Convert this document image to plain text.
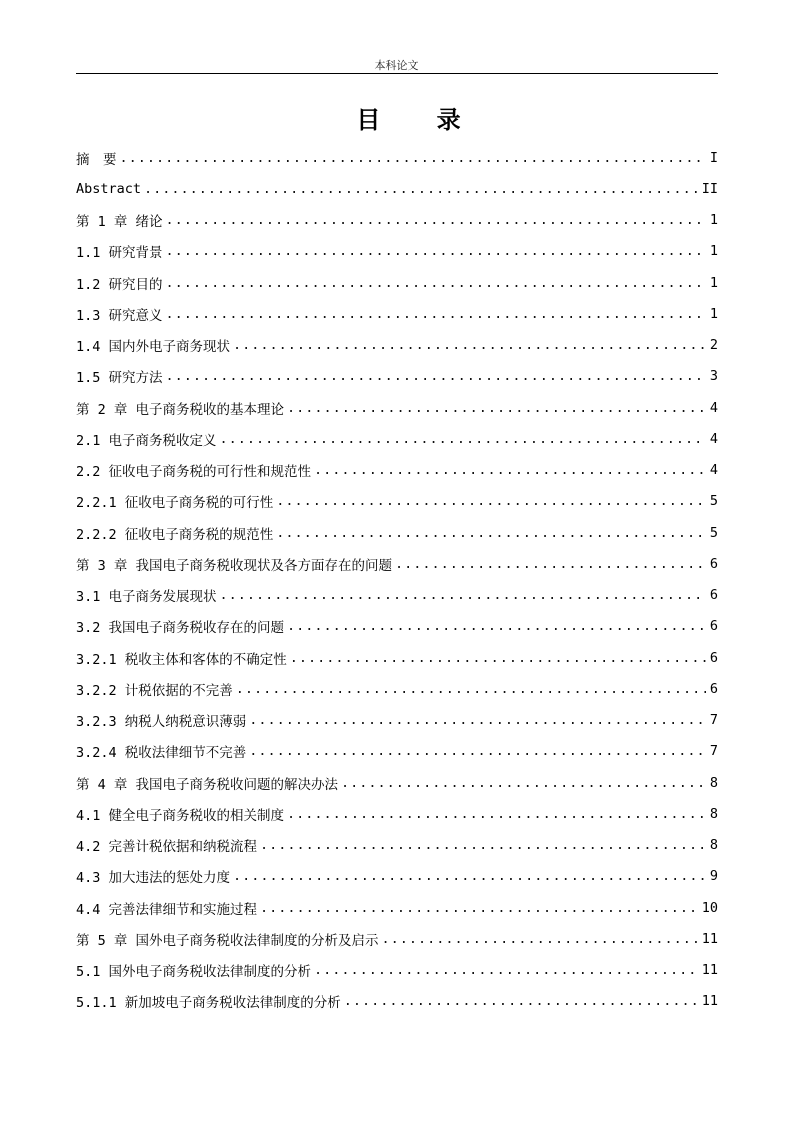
本科论文
目 录
摘　要 .....	I
Abstract .....	II
第 1 章 绪论 .....	1
1.1 研究背景 .....	1
1.2 研究目的 .....	1
1.3 研究意义 .....	1
1.4 国内外电子商务现状 .....	2
1.5 研究方法 .....	3
第 2 章 电子商务税收的基本理论 .....	4
2.1 电子商务税收定义 .....	4
2.2 征收电子商务税的可行性和规范性 .....	4
2.2.1 征收电子商务税的可行性 .....	5
2.2.2 征收电子商务税的规范性 .....	5
第 3 章 我国电子商务税收现状及各方面存在的问题 .....	6
3.1 电子商务发展现状 .....	6
3.2 我国电子商务税收存在的问题 .....	6
3.2.1 税收主体和客体的不确定性 .....	6
3.2.2 计税依据的不完善 .....	6
3.2.3 纳税人纳税意识薄弱 .....	7
3.2.4 税收法律细节不完善 .....	7
第 4 章 我国电子商务税收问题的解决办法 .....	8
4.1 健全电子商务税收的相关制度 .....	8
4.2 完善计税依据和纳税流程 .....	8
4.3 加大违法的惩处力度 .....	9
4.4 完善法律细节和实施过程 .....	10
第 5 章 国外电子商务税收法律制度的分析及启示 .....	11
5.1 国外电子商务税收法律制度的分析 .....	11
5.1.1 新加坡电子商务税收法律制度的分析 .....	11
